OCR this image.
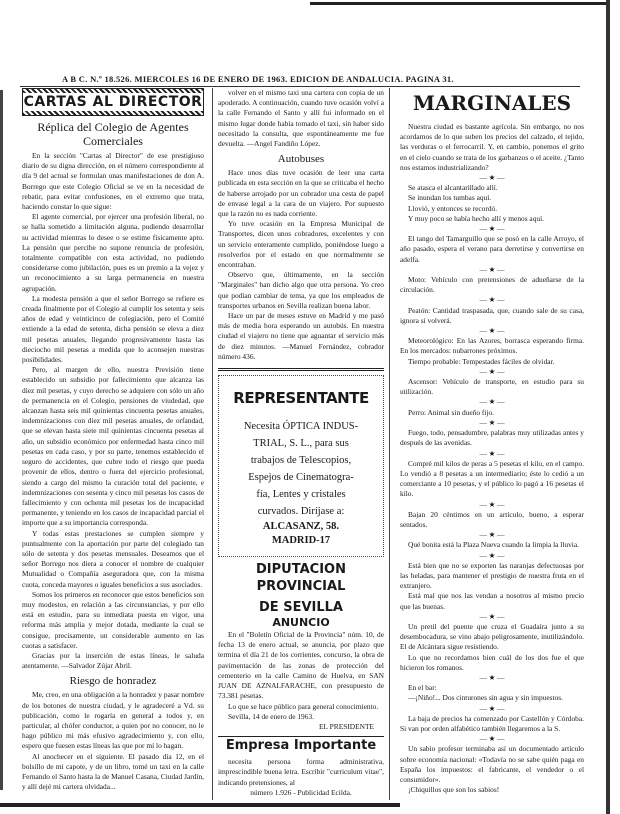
A B C. N.º 18.526. MIERCOLES 16 DE ENERO DE 1963. EDICION DE ANDALUCIA. PAGINA 31.
CARTAS AL DIRECTOR
Réplica del Colegio de Agentes Comerciales

En la sección "Cartas al Director" de ese prestigioso diario de su digna dirección, en el número correspondiente al día 9 del actual se formulan unas manifestaciones de don A. Borrego que este Colegio Oficial se ve en la necesidad de rebatir, para evitar confusiones, en el extremo que trata, haciendo constar lo que sigue:

El agente comercial, por ejercer una profesión liberal, no se halla sometido a limitación alguna, pudiendo desarrollar su actividad mientras lo desee o se estime físicamente apto. La pensión que percibe no supone renuncia de profesión, totalmente compatible con esta actividad, no pudiendo considerarse como jubilación, pues es un premio a la vejez y un reconocimiento a su larga permanencia en nuestra agrupación.

La modesta pensión a que el señor Borrego se refiere es creada finalmente por el Colegio al cumplir los setenta y seis años de edad y veinticinco de colegiación, pero el Comité extiende a la edad de setenta, dicha pensión se eleva a diez mil pesetas anuales, llegando progresivamente hasta las dieciocho mil pesetas a medida que lo aconsejen nuestras posibilidades.

Pero, al margen de ello, nuestra Previsión tiene establecido un subsidio por fallecimiento que alcanza las diez mil pesetas, y cuyo derecho se adquiere con sólo un año de permanencia en el Colegio, pensiones de viudedad, que alcanzan hasta seis mil quinientas cincuenta pesetas anuales, indemnizaciones con diez mil pesetas anuales, de orfandad, que se elevan hasta siete mil quinientas cincuenta pesetas al año, un subsidio económico por enfermedad hasta cinco mil pesetas en cada caso, y por su parte, tenemos establecido el seguro de accidentes, que cubre todo el riesgo que pueda provenir de ellos, dentro o fuera del ejercicio profesional, siendo a cargo del mismo la curación total del paciente, e indemnizaciones con sesenta y cinco mil pesetas los casos de fallecimiento y con ochenta mil pesetas los de incapacidad permanente, y teniendo en los casos de incapacidad parcial el importe que a su importancia corresponda.

Y todas estas prestaciones se cumplen siempre y puntualmente con la aportación por parte del colegiado tan sólo de setenta y dos pesetas mensuales. Deseamos que el señor Borrego nos diera a conocer el nombre de cualquier Mutualidad o Compañía aseguradora que, con la misma cuota, conceda mayores o iguales beneficios a sus asociados.

Somos los primeros en reconocer que estos beneficios son muy modestos, en relación a las circunstancias, y por ello está en estudio, para su inmediata puesta en vigor, una reforma más amplia y mejor dotada, mediante la cual se consigue, precisamente, un considerable aumento en las cuotas a satisfacer.

Gracias por la inserción de estas líneas, le saluda atentamente. —Salvador Zújar Abril.

Riesgo de honradez

Me, creo, en una obligación a la honradez y pasar nombre de los botones de nuestra ciudad, y le agradeceré a Vd. su publicación, como le rogaría en general a todos y, en particular, al chófer conductor, a quien por no conocer, no le hago público mi más efusivo agradecimiento y, con ello, espero que fuesen estas líneas las que por mí lo hagan.

Al anochecer en el siguiente. El pasado día 12, en el bolsillo de mi capote, y de un libro, tomé un taxi en la calle Fernando el Santo hasta la de Manuel Casana, Ciudad Jardín, y allí dejé mi cartera olvidada...

volver en el mismo taxi una cartera con copia de un apoderado. A continuación, cuando tuve ocasión volví a la calle Fernando el Santo y allí fui informado en el mismo lugar donde había tomado el taxi, sin haber sido necesitado la consulta, que espontáneamente me fue devuelta. —Angel Fandiño López.

Autobuses

Hace unos días tuve ocasión de leer una carta publicada en esta sección en la que se criticaba el hecho de haberse arrojado por un cobrador una cesta de papel de envase legal a la cara de un viajero. Por supuesto que la razón no es nada corriente.

Yo tuve ocasión en la Empresa Municipal de Transportes, dicen unos cobradores, excelentes y con un servicio enteramente cumplido, poniéndose luego a resolverlos por el estado en que normalmente se encontraban.

Observo que, últimamente, en la sección "Marginales" han dicho algo que otra persona. Yo creo que podían cambiar de tema, ya que los empleados de transportes urbanos en Sevilla realizan buena labor.

Hace un par de meses estuve en Madrid y me pasó más de media hora esperando un autobús. En nuestra ciudad el viajero no tiene que aguantar el servicio más de diez minutos. —Manuel Fernández, cobrador número 436.

REPRESENTANTE
Necesita ÓPTICA INDUS-
TRIAL, S. L., para sus
trabajos de Telescopios,
Espejos de Cinematogra-
fía, Lentes y cristales
curvados. Diríjase a:
ALCASANZ, 58.
MADRID-17
DIPUTACION PROVINCIAL
DE SEVILLA
ANUNCIO

En el "Boletín Oficial de la Provincia" núm. 10, de fecha 13 de enero actual, se anuncia, por plazo que termina el día 21 de los corrientes, concurso, la obra de pavimentación de las zonas de protección del cementerio en la calle Camino de Huelva, en SAN JUAN DE AZNALFARACHE, con presupuesto de 73.381 pesetas.

Lo que se hace público para general conocimiento.

Sevilla, 14 de enero de 1963.

EL PRESIDENTE
Empresa Importante

necesita persona forma administrativa, imprescindible buena letra. Escribir "curriculum vitae", indicando pretensiones, al

número 1.926 - Publicidad Ecilda.
MARGINALES

Nuestra ciudad es bastante agrícola. Sin embargo, no nos acordamos de lo que suben los precios del calzado, el tejido, las verduras o el ferrocarril. Y, en cambio, ponemos el grito en el cielo cuando se trata de los garbanzos o el aceite. ¿Tanto nos estamos industrializando?

— ★ —

Se atasca el alcantarillado allí.

Se inundan los tumbas aquí.

Llovió, y entonces se recordó.

Y muy poco se había hecho allí y menos aquí.

— ★ —

El tango del Tamarguillo que se posó en la calle Arroyo, el año pasado, espera el verano para derretirse y convertirse en adelfa.

— ★ —

Moto: Vehículo con pretensiones de adueñarse de la circulación.

— ★ —

Peatón: Cantidad traspasada, que, cuando sale de su casa, ignora si volverá.

— ★ —

Meteorológico: En las Azores, borrasca esperando firma. En los mercados: nubarrones próximos.

Tiempo probable: Tempestades fáciles de olvidar.

— ★ —

Ascensor: Vehículo de transporte, en estudio para su utilización.

— ★ —

Perro: Animal sin dueño fijo.

— ★ —

Fuego, todo, pensadumbre, palabras muy utilizadas antes y después de las avenidas.

— ★ —

Compré mil kilos de peras a 5 pesetas el kilo, en el campo. Lo vendió a 8 pesetas a un intermediario; éste lo cedió a un comerciante a 10 pesetas, y el público lo pagó a 16 pesetas el kilo.

— ★ —

Bajan 20 céntimos en un artículo, bueno, a esperar sentados.

— ★ —

Qué bonita está la Plaza Nueva cuando la limpia la lluvia.

— ★ —

Está bien que no se exporten las naranjas defectuosas por las heladas, para mantener el prestigio de nuestra fruta en el extranjero.

Está mal que nos las vendan a nosotros al mismo precio que las buenas.

— ★ —

Un pretil del puente que cruza el Guadaíra junto a su desembocadura, se vino abajo peligrosamente, inutilizándolo. El de Alcántara sigue resistiendo.

Lo que no recordamos bien cuál de los dos fue el que hicieron los romanos.

— ★ —

En el bar:

—¡Niño!... Dos cinturones sin agua y sin impuestos.

— ★ —

La baja de precios ha comenzado por Castellón y Córdoba. Si van por orden alfabético también llegaremos a la S.

— ★ —

Un sabio profesor terminaba así un documentado artículo sobre economía nacional: «Todavía no se sabe quién paga en España los impuestos: el fabricante, el vendedor o el consumidor».

¡Chiquillos que son los sabios!
